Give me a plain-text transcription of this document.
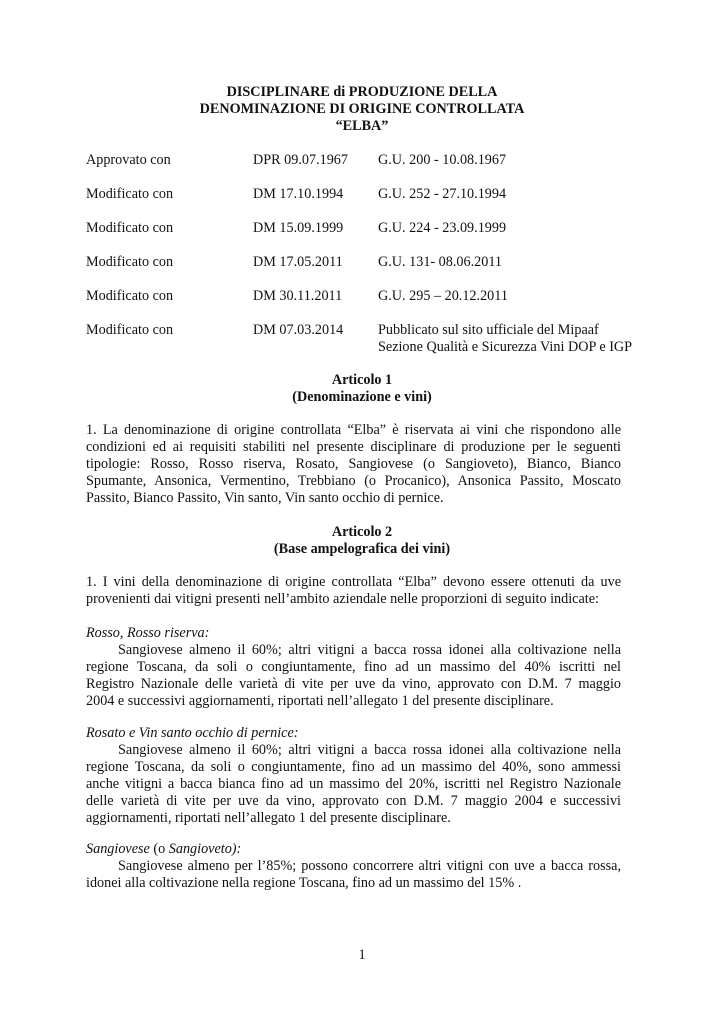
DISCIPLINARE di PRODUZIONE DELLA
DENOMINAZIONE DI ORIGINE CONTROLLATA
“ELBA”
Approvato con	DPR 09.07.1967 G.U. 200 - 10.08.1967
Modificato con	DM 17.10.1994 G.U. 252 - 27.10.1994
Modificato con	DM 15.09.1999 G.U. 224 - 23.09.1999
Modificato con	DM 17.05.2011 G.U. 131- 08.06.2011
Modificato con	DM 30.11.2011	G.U. 295 – 20.12.2011
Modificato con	DM 07.03.2014 Pubblicato sul sito ufficiale del Mipaaf
Sezione Qualità e Sicurezza Vini DOP e IGP
Articolo 1
(Denominazione e vini)
1. La denominazione di origine controllata “Elba” è riservata ai vini che rispondono alle
condizioni ed ai requisiti stabiliti nel presente disciplinare di produzione per le seguenti
tipologie: Rosso, Rosso riserva, Rosato, Sangiovese (o Sangioveto), Bianco, Bianco
Spumante, Ansonica, Vermentino, Trebbiano (o Procanico), Ansonica Passito, Moscato
Passito, Bianco Passito, Vin santo, Vin santo occhio di pernice.
Articolo 2
(Base ampelografica dei vini)
1. I vini della denominazione di origine controllata “Elba” devono essere ottenuti da uve
provenienti dai vitigni presenti nell’ambito aziendale nelle proporzioni di seguito indicate:
Rosso, Rosso riserva:
Sangiovese almeno il 60%; altri vitigni a bacca rossa idonei alla coltivazione nella
regione Toscana, da soli o congiuntamente, fino ad un massimo del 40% iscritti nel
Registro Nazionale delle varietà di vite per uve da vino, approvato con D.M. 7 maggio
2004 e successivi aggiornamenti, riportati nell’allegato 1 del presente disciplinare.
Rosato e Vin santo occhio di pernice:
Sangiovese almeno il 60%; altri vitigni a bacca rossa idonei alla coltivazione nella
regione Toscana, da soli o congiuntamente, fino ad un massimo del 40%, sono ammessi
anche vitigni a bacca bianca fino ad un massimo del 20%, iscritti nel Registro Nazionale
delle varietà di vite per uve da vino, approvato con D.M. 7 maggio 2004 e successivi
aggiornamenti, riportati nell’allegato 1 del presente disciplinare.
Sangiovese (o Sangioveto):
Sangiovese almeno per l’85%; possono concorrere altri vitigni con uve a bacca rossa,
idonei alla coltivazione nella regione Toscana, fino ad un massimo del 15% .
1
